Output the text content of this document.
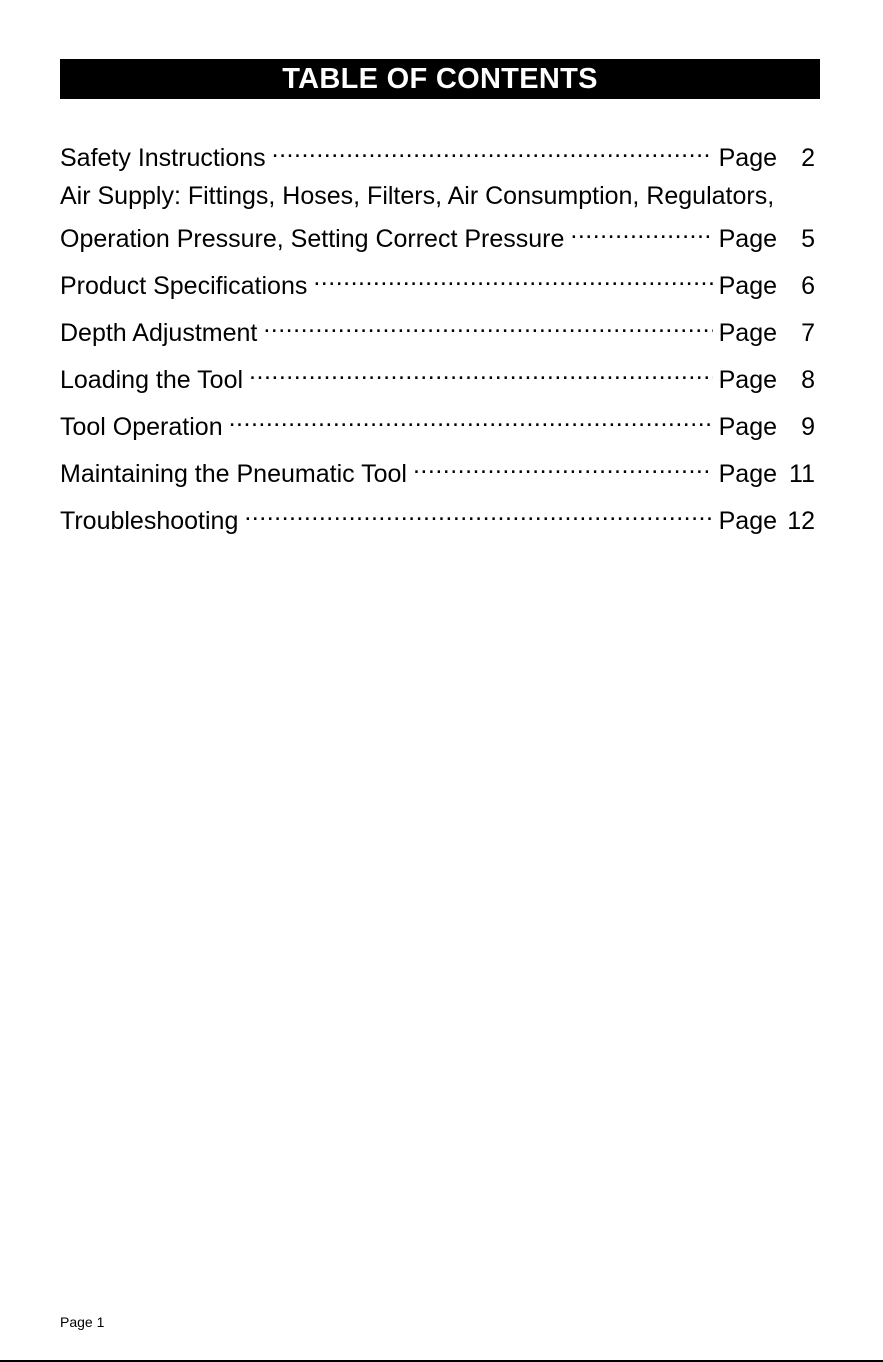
TABLE OF CONTENTS
Safety Instructions .....	Page 2
Air Supply: Fittings, Hoses, Filters, Air Consumption, Regulators,
Operation Pressure, Setting Correct Pressure .....	Page 5
Product Specifications .....	Page 6
Depth Adjustment .....	Page 7
Loading the Tool .....	Page 8
Tool Operation .....	Page 9
Maintaining the Pneumatic Tool .....	Page 11
Troubleshooting .....	Page 12
Page 1
